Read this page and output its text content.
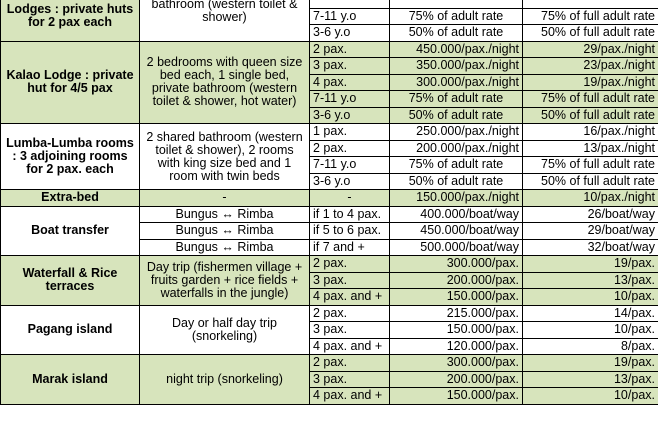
Lodges : private huts for 2 pax each	bathroom (western toilet & shower)			
		7-11 y.o	75% of adult rate	75% of full adult rate
		3-6 y.o	50% of adult rate	50% of full adult rate
Kalao Lodge : private hut for 4/5 pax	2 bedrooms with queen size bed each, 1 single bed, private bathroom (western toilet & shower, hot water)	2 pax.	450.000/pax./night	29/pax./night
		3 pax.	350.000/pax./night	23/pax./night
		4 pax.	300.000/pax./night	19/pax./night
		7-11 y.o	75% of adult rate	75% of full adult rate
		3-6 y.o	50% of adult rate	50% of full adult rate
Lumba-Lumba rooms : 3 adjoining rooms for 2 pax. each	2 shared bathroom (western toilet & shower), 2 rooms with king size bed and 1 room with twin beds	1 pax.	250.000/pax./night	16/pax./night
		2 pax.	200.000/pax./night	13/pax./night
		7-11 y.o	75% of adult rate	75% of full adult rate
		3-6 y.o	50% of adult rate	50% of full adult rate
Extra-bed	-	-	150.000/pax./night	10/pax./night
Boat transfer	Bungus ↔ Rimba	if 1 to 4 pax.	400.000/boat/way	26/boat/way
	Bungus ↔ Rimba	if 5 to 6 pax.	450.000/boat/way	29/boat/way
	Bungus ↔ Rimba	if 7 and +	500.000/boat/way	32/boat/way
Waterfall & Rice terraces	Day trip (fishermen village + fruits garden + rice fields + waterfalls in the jungle)	2 pax.	300.000/pax.	19/pax.
		3 pax.	200.000/pax.	13/pax.
		4 pax. and +	150.000/pax.	10/pax.
Pagang island	Day or half day trip (snorkeling)	2 pax.	215.000/pax.	14/pax.
		3 pax.	150.000/pax.	10/pax.
		4 pax. and +	120.000/pax.	8/pax.
Marak island	night trip (snorkeling)	2 pax.	300.000/pax.	19/pax.
		3 pax.	200.000/pax.	13/pax.
		4 pax. and +	150.000/pax.	10/pax.
